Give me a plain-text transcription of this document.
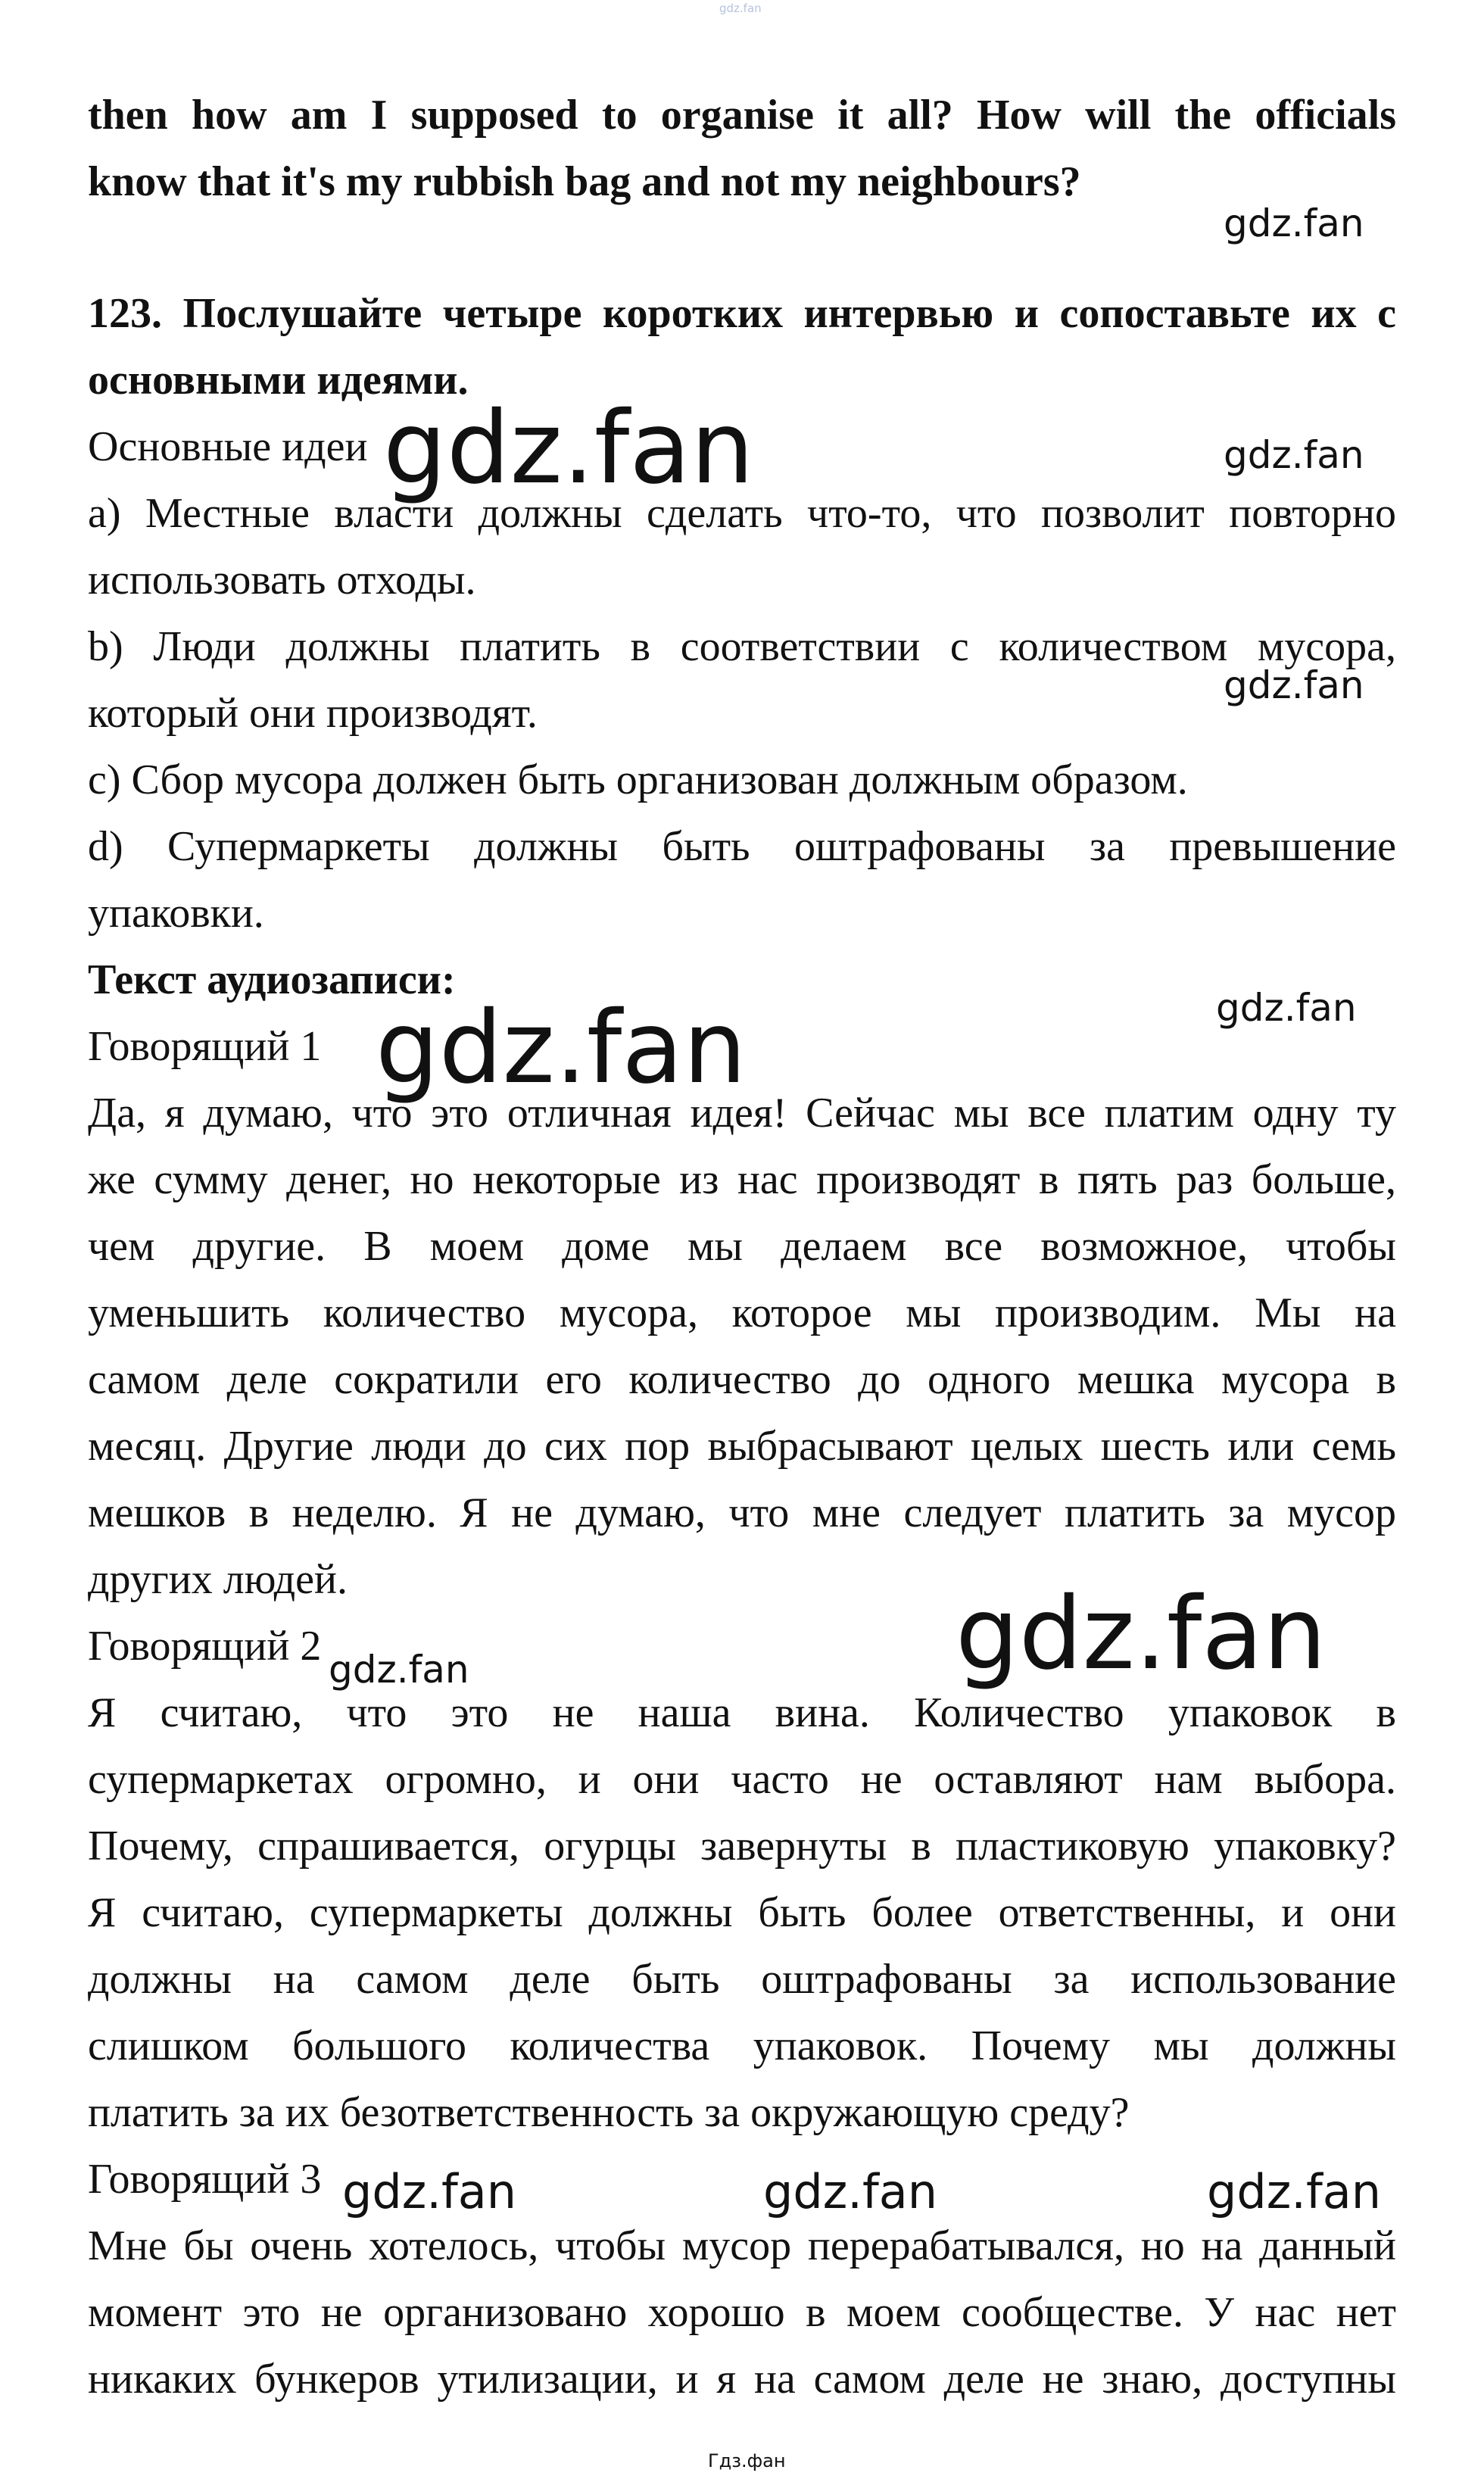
gdz.fan
then how am I supposed to organise it all? How will the officials
know that it's my rubbish bag and not my neighbours?
123. Послушайте четыре коротких интервью и сопоставьте их с
основными идеями.
Основные идеи
a) Местные власти должны сделать что-то, что позволит повторно
использовать отходы.
b) Люди должны платить в соответствии с количеством мусора,
который они производят.
c) Сбор мусора должен быть организован должным образом.
d) Супермаркеты должны быть оштрафованы за превышение
упаковки.
Текст аудиозаписи:
Говорящий 1
Да, я думаю, что это отличная идея! Сейчас мы все платим одну ту
же сумму денег, но некоторые из нас производят в пять раз больше,
чем другие. В моем доме мы делаем все возможное, чтобы
уменьшить количество мусора, которое мы производим. Мы на
самом деле сократили его количество до одного мешка мусора в
месяц. Другие люди до сих пор выбрасывают целых шесть или семь
мешков в неделю. Я не думаю, что мне следует платить за мусор
других людей.
Говорящий 2
Я считаю, что это не наша вина. Количество упаковок в
супермаркетах огромно, и они часто не оставляют нам выбора.
Почему, спрашивается, огурцы завернуты в пластиковую упаковку?
Я считаю, супермаркеты должны быть более ответственны, и они
должны на самом деле быть оштрафованы за использование
слишком большого количества упаковок. Почему мы должны
платить за их безответственность за окружающую среду?
Говорящий 3
Мне бы очень хотелось, чтобы мусор перерабатывался, но на данный
момент это не организовано хорошо в моем сообществе. У нас нет
никаких бункеров утилизации, и я на самом деле не знаю, доступны
gdz.fan
gdz.fan	gdz.fan
gdz.fan
gdz.fan
gdz.fan
gdz.fan
gdz.fan
gdz.fan	gdz.fan	gdz.fan
Гдз.фан
